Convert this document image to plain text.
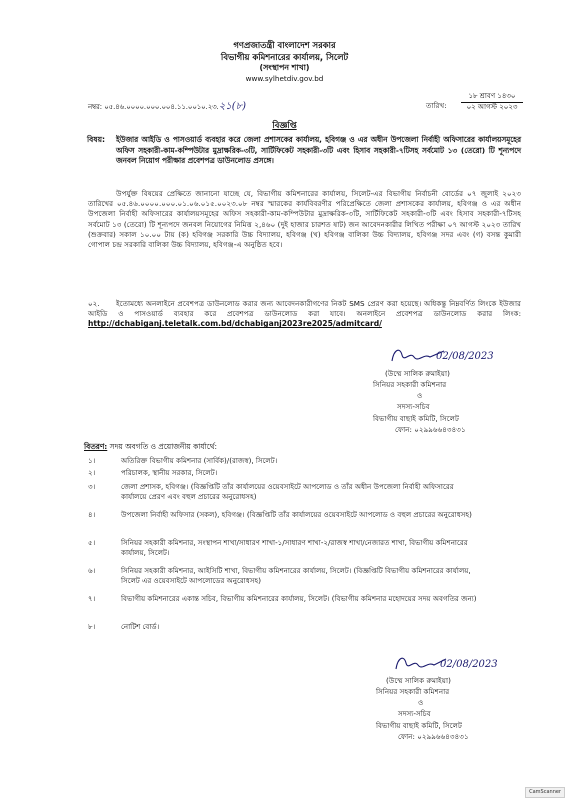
গণপ্রজাতন্ত্রী বাংলাদেশ সরকার
বিভাগীয় কমিশনারের কার্যালয়, সিলেট
(সংস্থাপন শাখা)
www.sylhetdiv.gov.bd
নম্বর: ০৫.৪৬.০০০০.০০০.০০৪.১১.০০১০.২৩.২১(৮)	তারিখ:
১৮ শ্রাবণ ১৪৩০
০২ আগস্ট ২০২৩
বিজ্ঞপ্তি
বিষয়: ইউজার আইডি ও পাসওয়ার্ড ব্যবহার করে জেলা প্রশাসকের কার্যালয়, হবিগঞ্জ ও এর অধীন উপজেলা নির্বাহী অফিসারের কার্যালয়সমূহের অফিস সহকারী-কাম-কম্পিউটার মুদ্রাক্ষরিক-৩টি, সার্টিফিকেট সহকারী-৩টি এবং হিসাব সহকারী-৭টিসহ সর্বমোট ১৩ (তেরো) টি শূন্যপদে জনবল নিয়োগ পরীক্ষার প্রবেশপত্র ডাউনলোড প্রসঙ্গে।
উপর্যুক্ত বিষয়ের প্রেক্ষিতে জানানো যাচ্ছে যে, বিভাগীয় কমিশনারের কার্যালয়, সিলেট-এর বিভাগীয় নির্বাচনী বোর্ডের ০৭ জুলাই ২০২৩ তারিখের ০৫.৪৬.০০০০.০০০.০১.০৬.০১৫.০০২৩.০৮ নম্বর স্মারকের কার্যবিবরণীর পরিপ্রেক্ষিতে জেলা প্রশাসকের কার্যালয়, হবিগঞ্জ ও এর অধীন উপজেলা নির্বাহী অফিসারের কার্যালয়সমূহের অফিস সহকারী-কাম-কম্পিউটার মুদ্রাক্ষরিক-৩টি, সার্টিফিকেট সহকারী-৩টি এবং হিসাব সহকারী-৭টিসহ সর্বমোট ১৩ (তেরো) টি শূন্যপদে জনবল নিয়োগের নিমিত্ত ২,৪৬০ (দুই হাজার চারশত ষাট) জন আবেদনকারীর লিখিত পরীক্ষা ০৭ আগস্ট ২০২৩ তারিখ (শুক্রবার) সকাল ১০.০০ টায় (ক) হবিগঞ্জ সরকারি উচ্চ বিদ্যালয়, হবিগঞ্জ (খ) হবিগঞ্জ বালিকা উচ্চ বিদ্যালয়, হবিগঞ্জ সদর এবং (গ) বসন্ত কুমারী গোপাল চন্দ্র সরকারি বালিকা উচ্চ বিদ্যালয়, হবিগঞ্জ-এ অনুষ্ঠিত হবে।
০২.	ইতোমধ্যে অনলাইনে প্রবেশপত্র ডাউনলোড করার জন্য আবেদনকারীগণের নিকট SMS প্রেরণ করা হয়েছে। অধিকন্তু নিম্নবর্ণিত লিংকে ইউজার আইডি ও পাসওয়ার্ড ব্যবহার করে প্রবেশপত্র ডাউনলোড করা যাবে। অনলাইনে প্রবেশপত্র ডাউনলোড করার লিংক: http://dchabiganj.teletalk.com.bd/dchabiganj2023re2025/admitcard/
02/08/2023
(উম্মে সালিক রুমাইয়া)
সিনিয়র সহকারী কমিশনার
ও
সদস্য-সচিব
বিভাগীয় বাছাই কমিটি, সিলেট
ফোন: ০২৯৯৬৬৪৩৪৩১
বিতরণ: সদয় অবগতি ও প্রয়োজনীয় কার্যার্থে:
১।	অতিরিক্ত বিভাগীয় কমিশনার (সার্বিক)/(রাজস্ব), সিলেট।
২।	পরিচালক, স্থানীয় সরকার, সিলেট।
৩।	জেলা প্রশাসক, হবিগঞ্জ। (বিজ্ঞপ্তিটি তাঁর কার্যালয়ের ওয়েবসাইটে আপলোড ও তাঁর অধীন উপজেলা নির্বাহী অফিসারের কার্যালয়ে প্রেরণ এবং বহুল প্রচারের অনুরোধসহ)
৪।	উপজেলা নির্বাহী অফিসার (সকল), হবিগঞ্জ। (বিজ্ঞপ্তিটি তাঁর কার্যালয়ের ওয়েবসাইটে আপলোড ও বহুল প্রচারের অনুরোধসহ)
৫।	সিনিয়র সহকারী কমিশনার, সংস্থাপন শাখা/সাধারণ শাখা-১/সাধারণ শাখা-২/রাজস্ব শাখা/নেজারত শাখা, বিভাগীয় কমিশনারের কার্যালয়, সিলেট।
৬।	সিনিয়র সহকারী কমিশনার, আইসিটি শাখা, বিভাগীয় কমিশনারের কার্যালয়, সিলেট। (বিজ্ঞপ্তিটি বিভাগীয় কমিশনারের কার্যালয়, সিলেট এর ওয়েবসাইটে আপলোডের অনুরোধসহ)
৭।	বিভাগীয় কমিশনারের একান্ত সচিব, বিভাগীয় কমিশনারের কার্যালয়, সিলেট। (বিভাগীয় কমিশনার মহোদয়ের সদয় অবগতির জন্য)
৮।	নোটিশ বোর্ড।
02/08/2023
(উম্মে সালিক রুমাইয়া)
সিনিয়র সহকারী কমিশনার
ও
সদস্য-সচিব
বিভাগীয় বাছাই কমিটি, সিলেট
ফোন: ০২৯৯৬৬৪৩৪৩১
CamScanner
